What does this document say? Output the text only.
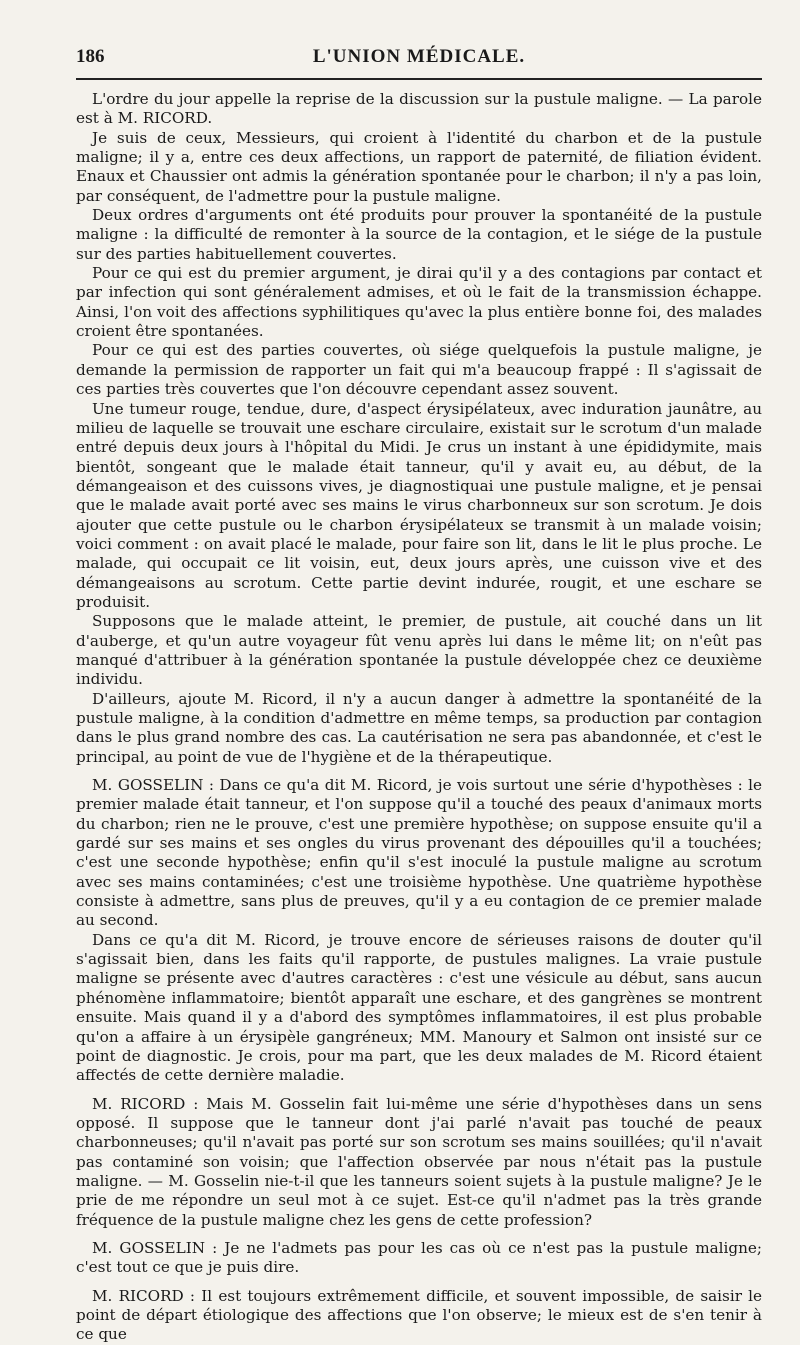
186	L'UNION MÉDICALE.

L'ordre du jour appelle la reprise de la discussion sur la pustule maligne. — La parole est à M. RICORD.

Je suis de ceux, Messieurs, qui croient à l'identité du charbon et de la pustule maligne; il y a, entre ces deux affections, un rapport de paternité, de filiation évident. Enaux et Chaussier ont admis la génération spontanée pour le charbon; il n'y a pas loin, par conséquent, de l'admettre pour la pustule maligne.

Deux ordres d'arguments ont été produits pour prouver la spontanéité de la pustule maligne : la difficulté de remonter à la source de la contagion, et le siége de la pustule sur des parties habituellement couvertes.

Pour ce qui est du premier argument, je dirai qu'il y a des contagions par contact et par infection qui sont généralement admises, et où le fait de la transmission échappe. Ainsi, l'on voit des affections syphilitiques qu'avec la plus entière bonne foi, des malades croient être spontanées.

Pour ce qui est des parties couvertes, où siége quelquefois la pustule maligne, je demande la permission de rapporter un fait qui m'a beaucoup frappé : Il s'agissait de ces parties très couvertes que l'on découvre cependant assez souvent.

Une tumeur rouge, tendue, dure, d'aspect érysipélateux, avec induration jaunâtre, au milieu de laquelle se trouvait une eschare circulaire, existait sur le scrotum d'un malade entré depuis deux jours à l'hôpital du Midi. Je crus un instant à une épididymite, mais bientôt, songeant que le malade était tanneur, qu'il y avait eu, au début, de la démangeaison et des cuissons vives, je diagnostiquai une pustule maligne, et je pensai que le malade avait porté avec ses mains le virus charbonneux sur son scrotum. Je dois ajouter que cette pustule ou le charbon érysipélateux se transmit à un malade voisin; voici comment : on avait placé le malade, pour faire son lit, dans le lit le plus proche. Le malade, qui occupait ce lit voisin, eut, deux jours après, une cuisson vive et des démangeaisons au scrotum. Cette partie devint indurée, rougit, et une eschare se produisit.

Supposons que le malade atteint, le premier, de pustule, ait couché dans un lit d'auberge, et qu'un autre voyageur fût venu après lui dans le même lit; on n'eût pas manqué d'attribuer à la génération spontanée la pustule développée chez ce deuxième individu.

D'ailleurs, ajoute M. Ricord, il n'y a aucun danger à admettre la spontanéité de la pustule maligne, à la condition d'admettre en même temps, sa production par contagion dans le plus grand nombre des cas. La cautérisation ne sera pas abandonnée, et c'est le principal, au point de vue de l'hygiène et de la thérapeutique.

M. GOSSELIN : Dans ce qu'a dit M. Ricord, je vois surtout une série d'hypothèses : le premier malade était tanneur, et l'on suppose qu'il a touché des peaux d'animaux morts du charbon; rien ne le prouve, c'est une première hypothèse; on suppose ensuite qu'il a gardé sur ses mains et ses ongles du virus provenant des dépouilles qu'il a touchées; c'est une seconde hypothèse; enfin qu'il s'est inoculé la pustule maligne au scrotum avec ses mains contaminées; c'est une troisième hypothèse. Une quatrième hypothèse consiste à admettre, sans plus de preuves, qu'il y a eu contagion de ce premier malade au second.

Dans ce qu'a dit M. Ricord, je trouve encore de sérieuses raisons de douter qu'il s'agissait bien, dans les faits qu'il rapporte, de pustules malignes. La vraie pustule maligne se présente avec d'autres caractères : c'est une vésicule au début, sans aucun phénomène inflammatoire; bientôt apparaît une eschare, et des gangrènes se montrent ensuite. Mais quand il y a d'abord des symptômes inflammatoires, il est plus probable qu'on a affaire à un érysipèle gangréneux; MM. Manoury et Salmon ont insisté sur ce point de diagnostic. Je crois, pour ma part, que les deux malades de M. Ricord étaient affectés de cette dernière maladie.

M. RICORD : Mais M. Gosselin fait lui-même une série d'hypothèses dans un sens opposé. Il suppose que le tanneur dont j'ai parlé n'avait pas touché de peaux charbonneuses; qu'il n'avait pas porté sur son scrotum ses mains souillées; qu'il n'avait pas contaminé son voisin; que l'affection observée par nous n'était pas la pustule maligne. — M. Gosselin nie-t-il que les tanneurs soient sujets à la pustule maligne? Je le prie de me répondre un seul mot à ce sujet. Est-ce qu'il n'admet pas la très grande fréquence de la pustule maligne chez les gens de cette profession?

M. GOSSELIN : Je ne l'admets pas pour les cas où ce n'est pas la pustule maligne; c'est tout ce que je puis dire.

M. RICORD : Il est toujours extrêmement difficile, et souvent impossible, de saisir le point de départ étiologique des affections que l'on observe; le mieux est de s'en tenir à ce que
